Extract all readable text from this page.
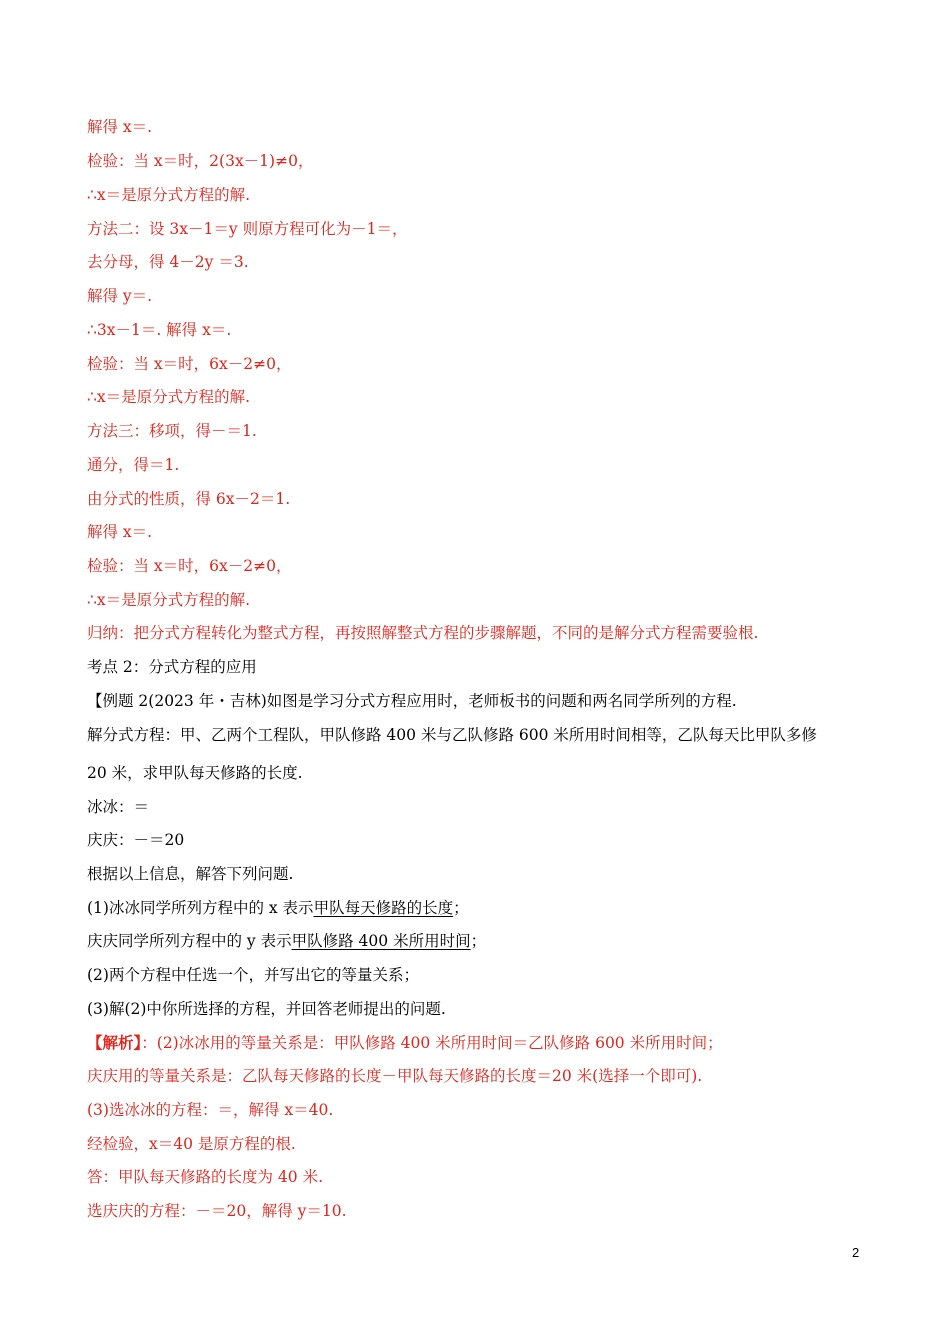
解得 x＝.
检验：当 x＝时，2(3x－1)≠0，
∴x＝是原分式方程的解.
方法二：设 3x－1＝y 则原方程可化为－1＝，
去分母，得 4－2y ＝3.
解得 y＝.
∴3x－1＝. 解得 x＝.
检验：当 x＝时，6x－2≠0，
∴x＝是原分式方程的解.
方法三：移项，得－＝1.
通分，得＝1.
由分式的性质，得 6x－2＝1.
解得 x＝.
检验：当 x＝时，6x－2≠0，
∴x＝是原分式方程的解.
归纳：把分式方程转化为整式方程，再按照解整式方程的步骤解题，不同的是解分式方程需要验根.
考点 2：分式方程的应用
【例题 2(2023 年・吉林)如图是学习分式方程应用时，老师板书的问题和两名同学所列的方程.
解分式方程：甲、乙两个工程队，甲队修路 400 米与乙队修路 600 米所用时间相等，乙队每天比甲队多修
20 米，求甲队每天修路的长度.
冰冰：＝
庆庆：－＝20
根据以上信息，解答下列问题.
(1)冰冰同学所列方程中的 x 表示甲队每天修路的长度；
庆庆同学所列方程中的 y 表示甲队修路 400 米所用时间；
(2)两个方程中任选一个，并写出它的等量关系；
(3)解(2)中你所选择的方程，并回答老师提出的问题.
【解析】：(2)冰冰用的等量关系是：甲队修路 400 米所用时间＝乙队修路 600 米所用时间；
庆庆用的等量关系是：乙队每天修路的长度－甲队每天修路的长度＝20 米(选择一个即可).
(3)选冰冰的方程：＝，解得 x＝40.
经检验，x＝40 是原方程的根.
答：甲队每天修路的长度为 40 米.
选庆庆的方程：－＝20，解得 y＝10.
2
